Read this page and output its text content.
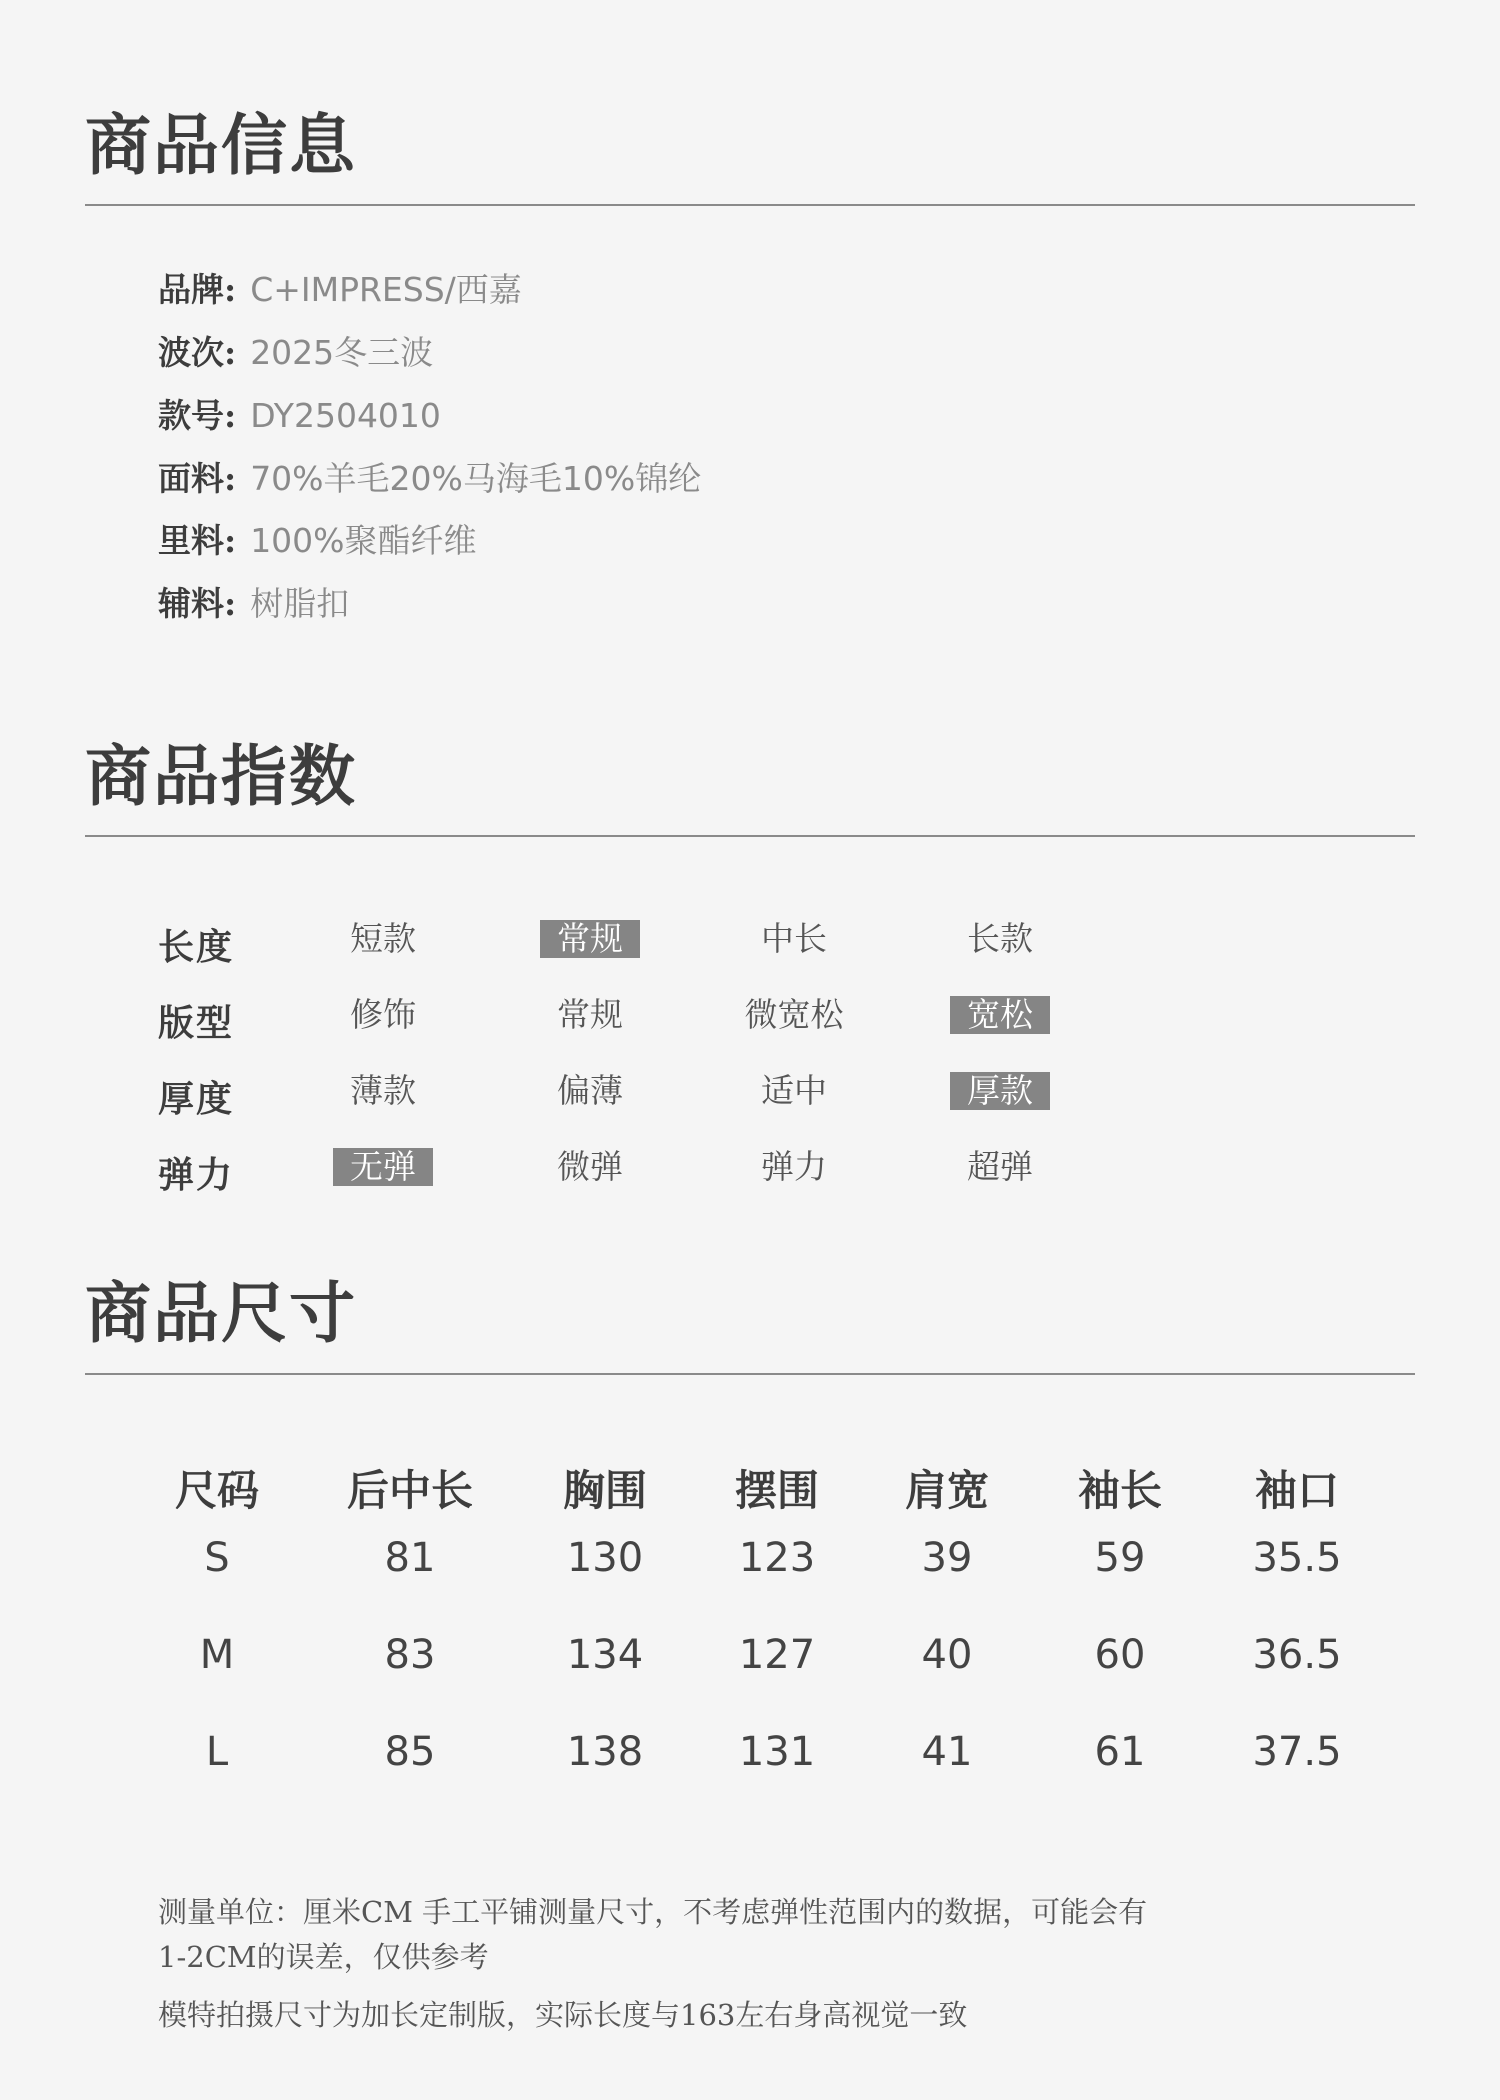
商品信息
品牌: C+IMPRESS/西嘉
波次: 2025冬三波
款号: DY2504010
面料: 70%羊毛20%马海毛10%锦纶
里料: 100%聚酯纤维
辅料: 树脂扣
商品指数
长度	短款	常规	中长	长款
版型	修饰	常规	微宽松	宽松
厚度	薄款	偏薄	适中	厚款
弹力	无弹	微弹	弹力	超弹
商品尺寸
尺码 后中长 胸围 摆围 肩宽 袖长 袖口
S	81	130 123	39	59	35.5
M	83	134 127	40	60	36.5
L	85	138 131	41	61	37.5
测量单位：厘米CM 手工平铺测量尺寸，不考虑弹性范围内的数据，可能会有
1-2CM的误差，仅供参考
模特拍摄尺寸为加长定制版，实际长度与163左右身高视觉一致
